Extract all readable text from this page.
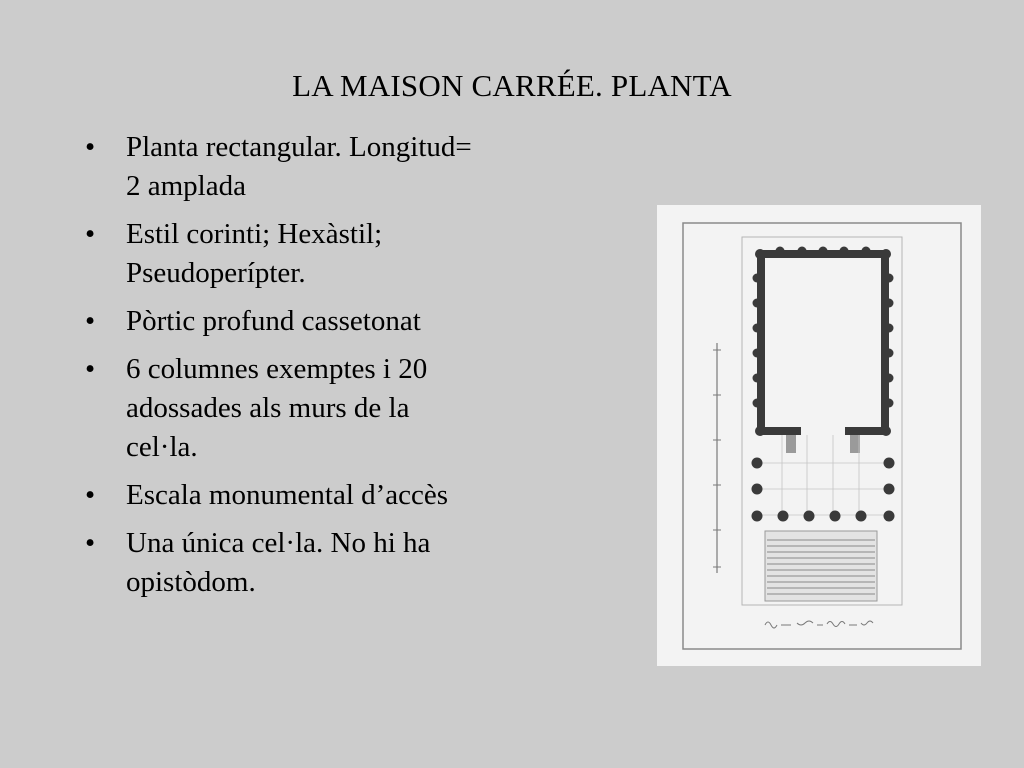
LA MAISON CARRÉE. PLANTA
• Planta rectangular. Longitud=
2 amplada
• Estil corinti; Hexàstil;
Pseudoperípter.
• Pòrtic profund cassetonat
• 6 columnes exemptes i 20
adossades als murs de la
cel·la.
• Escala monumental d’accès
• Una única cel·la. No hi ha
opistòdom.
